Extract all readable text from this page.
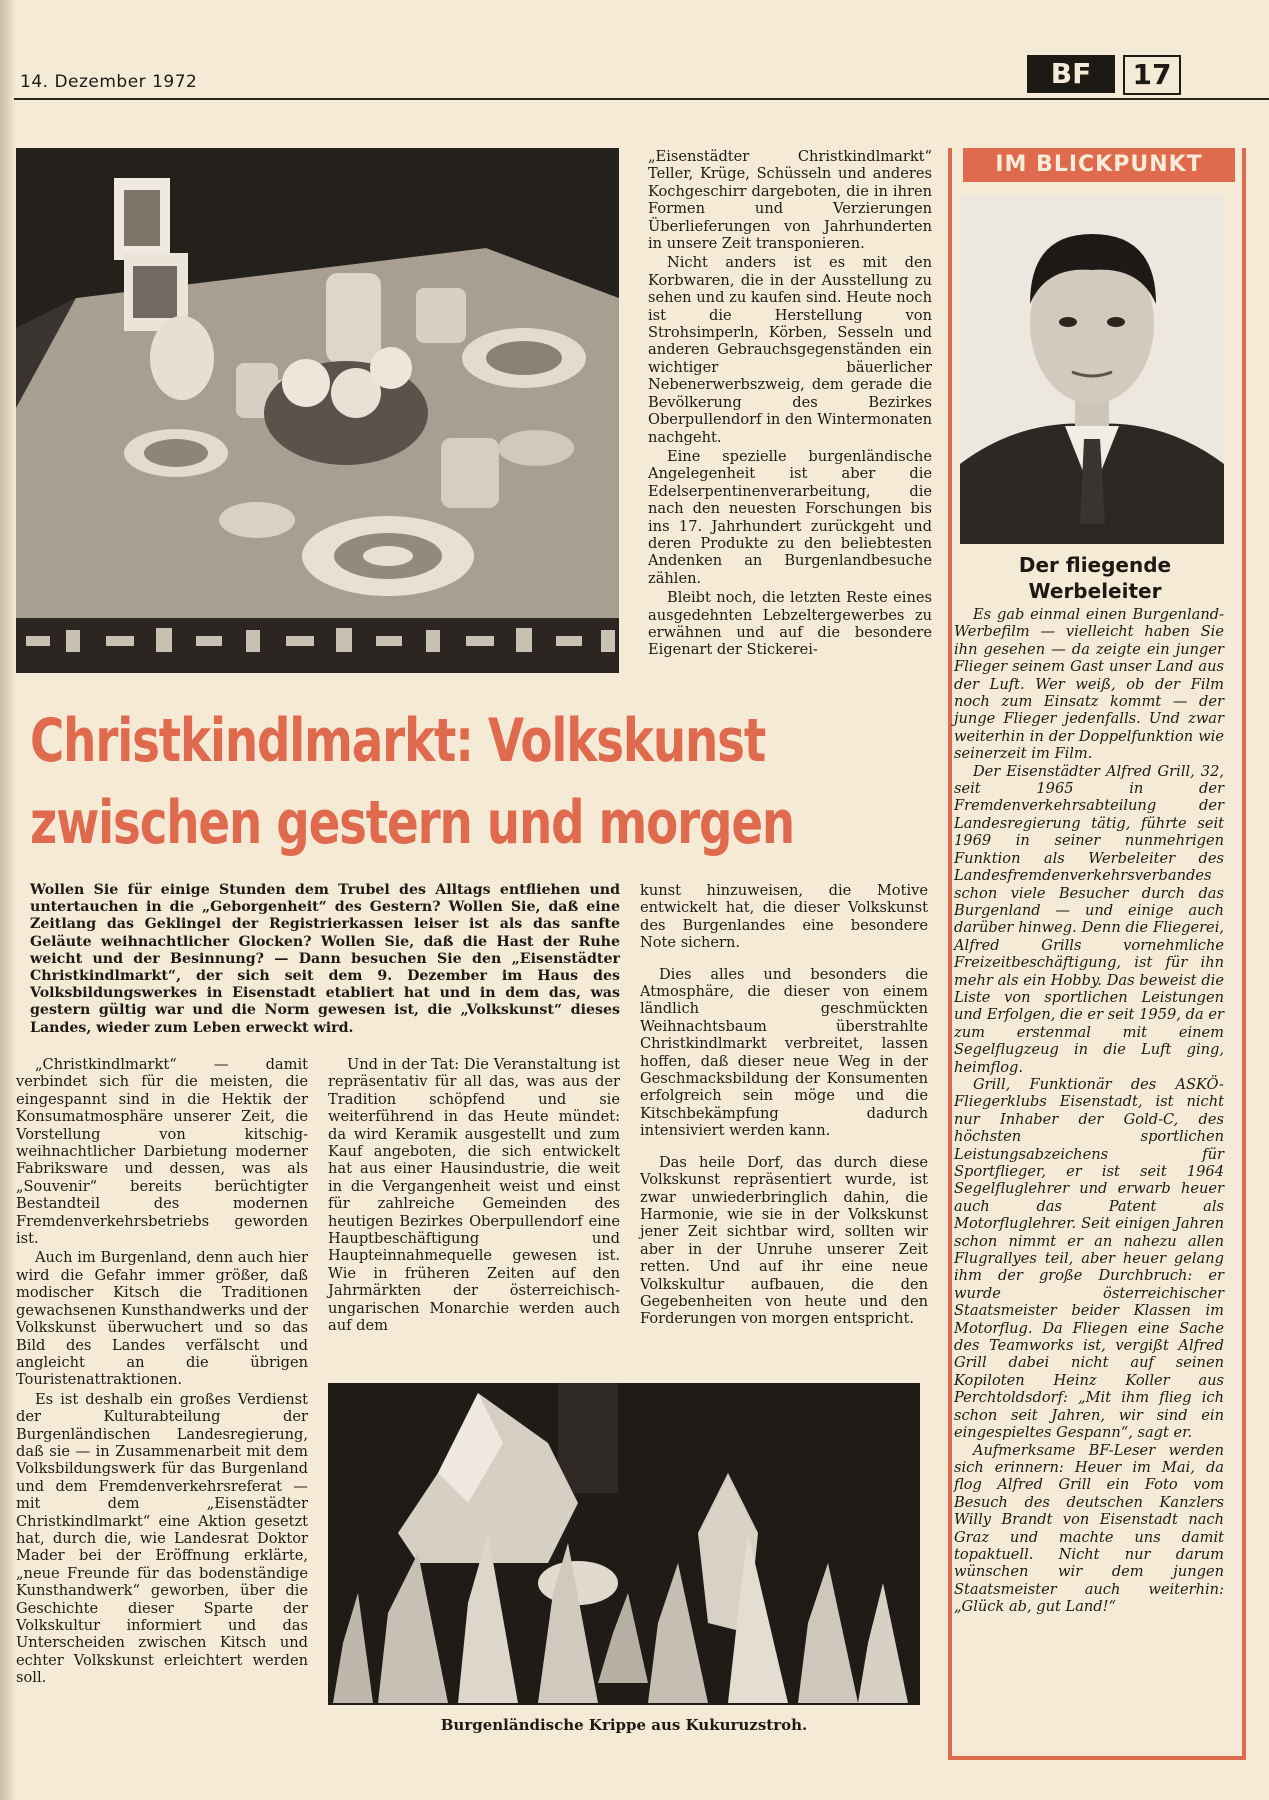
14. Dezember 1972	BF	17

„Eisenstädter Christkindlmarkt“ Teller, Krüge, Schüsseln und anderes Kochgeschirr dargeboten, die in ihren Formen und Verzierungen Überlieferungen von Jahrhunderten in unsere Zeit transponieren.

Nicht anders ist es mit den Korbwaren, die in der Ausstellung zu sehen und zu kaufen sind. Heute noch ist die Herstellung von Strohsimperln, Körben, Sesseln und anderen Gebrauchsgegenständen ein wichtiger bäuerlicher Nebenerwerbszweig, dem gerade die Bevölkerung des Bezirkes Oberpullendorf in den Wintermonaten nachgeht.

Eine spezielle burgenländische Angelegenheit ist aber die Edelserpentinenverarbeitung, die nach den neuesten Forschungen bis ins 17. Jahrhundert zurückgeht und deren Produkte zu den beliebtesten Andenken an Burgenlandbesuche zählen.

Bleibt noch, die letzten Reste eines ausgedehnten Lebzeltergewerbes zu erwähnen und auf die besondere Eigenart der Stickerei-

Christkindlmarkt: Volkskunst
zwischen gestern und morgen
Wollen Sie für einige Stunden dem Trubel des Alltags entfliehen und untertauchen in die „Geborgenheit“ des Gestern? Wollen Sie, daß eine Zeitlang das Geklingel der Registrierkassen leiser ist als das sanfte Geläute weihnachtlicher Glocken? Wollen Sie, daß die Hast der Ruhe weicht und der Besinnung? — Dann besuchen Sie den „Eisenstädter Christkindlmarkt“, der sich seit dem 9. Dezember im Haus des Volksbildungswerkes in Eisenstadt etabliert hat und in dem das, was gestern gültig war und die Norm gewesen ist, die „Volkskunst“ dieses Landes, wieder zum Leben erweckt wird.

„Christkindlmarkt“ — damit verbindet sich für die meisten, die eingespannt sind in die Hektik der Konsumatmosphäre unserer Zeit, die Vorstellung von kitschig-weihnachtlicher Darbietung moderner Fabriksware und dessen, was als „Souvenir“ bereits berüchtigter Bestandteil des modernen Fremdenverkehrsbetriebs geworden ist.

Auch im Burgenland, denn auch hier wird die Gefahr immer größer, daß modischer Kitsch die Traditionen gewachsenen Kunsthandwerks und der Volkskunst überwuchert und so das Bild des Landes verfälscht und angleicht an die übrigen Touristenattraktionen.

Es ist deshalb ein großes Verdienst der Kulturabteilung der Burgenländischen Landesregierung, daß sie — in Zusammenarbeit mit dem Volksbildungswerk für das Burgenland und dem Fremdenverkehrsreferat — mit dem „Eisenstädter Christkindlmarkt“ eine Aktion gesetzt hat, durch die, wie Landesrat Doktor Mader bei der Eröffnung erklärte, „neue Freunde für das bodenständige Kunsthandwerk“ geworben, über die Geschichte dieser Sparte der Volkskultur informiert und das Unterscheiden zwischen Kitsch und echter Volkskunst erleichtert werden soll.

Und in der Tat: Die Veranstaltung ist repräsentativ für all das, was aus der Tradition schöpfend und sie weiterführend in das Heute mündet: da wird Keramik ausgestellt und zum Kauf angeboten, die sich entwickelt hat aus einer Hausindustrie, die weit in die Vergangenheit weist und einst für zahlreiche Gemeinden des heutigen Bezirkes Oberpullendorf eine Hauptbeschäftigung und Haupteinnahmequelle gewesen ist. Wie in früheren Zeiten auf den Jahrmärkten der österreichisch-ungarischen Monarchie werden auch auf dem

kunst hinzuweisen, die Motive entwickelt hat, die dieser Volkskunst des Burgenlandes eine besondere Note sichern.

Dies alles und besonders die Atmosphäre, die dieser von einem ländlich geschmückten Weihnachtsbaum überstrahlte Christkindlmarkt verbreitet, lassen hoffen, daß dieser neue Weg in der Geschmacksbildung der Konsumenten erfolgreich sein möge und die Kitschbekämpfung dadurch intensiviert werden kann.

Das heile Dorf, das durch diese Volkskunst repräsentiert wurde, ist zwar unwiederbringlich dahin, die Harmonie, wie sie in der Volkskunst jener Zeit sichtbar wird, sollten wir aber in der Unruhe unserer Zeit retten. Und auf ihr eine neue Volkskultur aufbauen, die den Gegebenheiten von heute und den Forderungen von morgen entspricht.

Burgenländische Krippe aus Kukuruzstroh.
IM BLICKPUNKT
Der fliegende
Werbeleiter

Es gab einmal einen Burgenland-Werbefilm — vielleicht haben Sie ihn gesehen — da zeigte ein junger Flieger seinem Gast unser Land aus der Luft. Wer weiß, ob der Film noch zum Einsatz kommt — der junge Flieger jedenfalls. Und zwar weiterhin in der Doppelfunktion wie seinerzeit im Film.

Der Eisenstädter Alfred Grill, 32, seit 1965 in der Fremdenverkehrsabteilung der Landesregierung tätig, führte seit 1969 in seiner nunmehrigen Funktion als Werbeleiter des Landesfremdenverkehrsverbandes schon viele Besucher durch das Burgenland — und einige auch darüber hinweg. Denn die Fliegerei, Alfred Grills vornehmliche Freizeitbeschäftigung, ist für ihn mehr als ein Hobby. Das beweist die Liste von sportlichen Leistungen und Erfolgen, die er seit 1959, da er zum erstenmal mit einem Segelflugzeug in die Luft ging, heimflog.

Grill, Funktionär des ASKÖ-Fliegerklubs Eisenstadt, ist nicht nur Inhaber der Gold-C, des höchsten sportlichen Leistungsabzeichens für Sportflieger, er ist seit 1964 Segelfluglehrer und erwarb heuer auch das Patent als Motorfluglehrer. Seit einigen Jahren schon nimmt er an nahezu allen Flugrallyes teil, aber heuer gelang ihm der große Durchbruch: er wurde österreichischer Staatsmeister beider Klassen im Motorflug. Da Fliegen eine Sache des Teamworks ist, vergißt Alfred Grill dabei nicht auf seinen Kopiloten Heinz Koller aus Perchtoldsdorf: „Mit ihm flieg ich schon seit Jahren, wir sind ein eingespieltes Gespann“, sagt er.

Aufmerksame BF-Leser werden sich erinnern: Heuer im Mai, da flog Alfred Grill ein Foto vom Besuch des deutschen Kanzlers Willy Brandt von Eisenstadt nach Graz und machte uns damit topaktuell. Nicht nur darum wünschen wir dem jungen Staatsmeister auch weiterhin: „Glück ab, gut Land!“
